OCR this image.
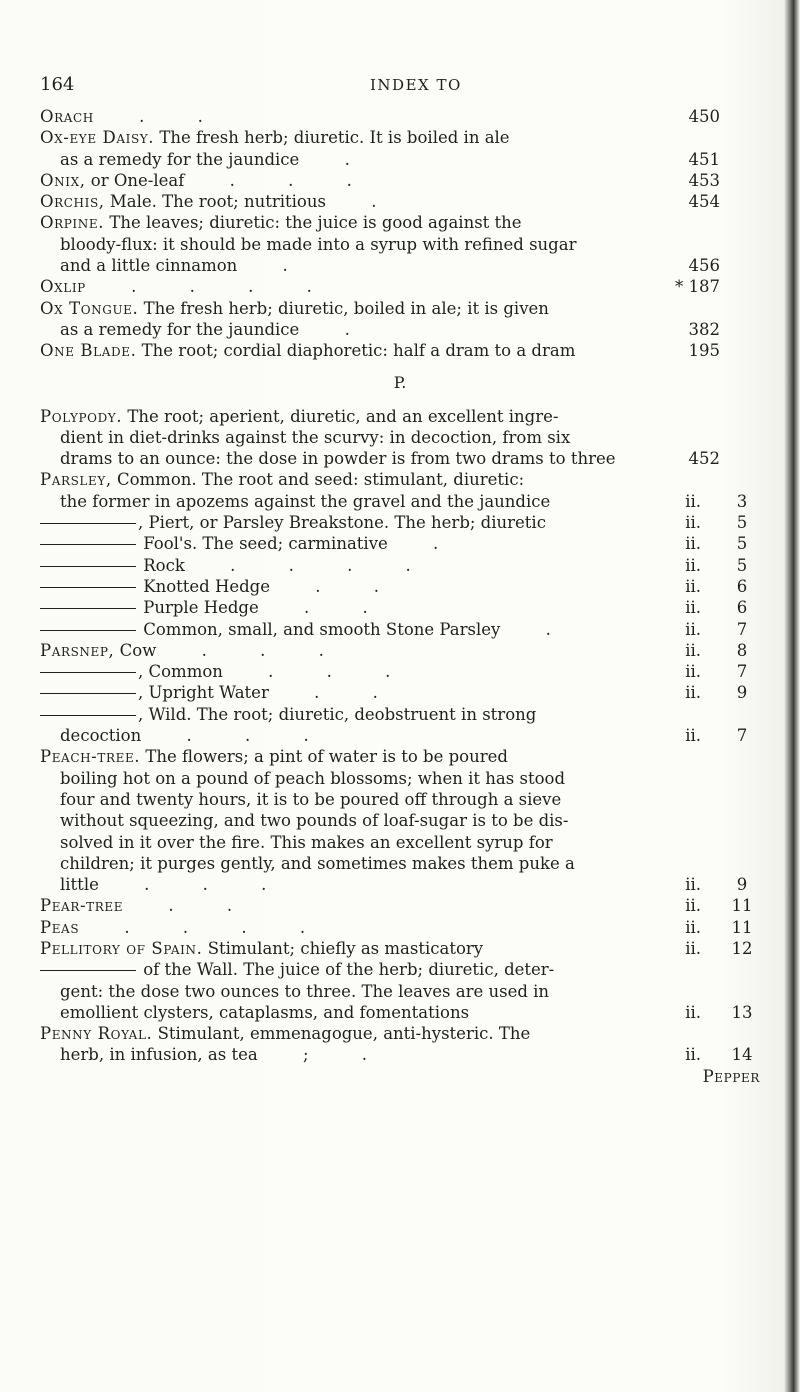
164	INDEX TO
Orach . .	450
Ox-eye Daisy. The fresh herb; diuretic. It is boiled in ale
as a remedy for the jaundice .	451
Onix, or One-leaf . . .	453
Orchis, Male. The root; nutritious .	454
Orpine. The leaves; diuretic: the juice is good against the
bloody-flux: it should be made into a syrup with refined sugar
and a little cinnamon .	456
Oxlip . . . .	* 187
Ox Tongue. The fresh herb; diuretic, boiled in ale; it is given
as a remedy for the jaundice .	382
One Blade. The root; cordial diaphoretic: half a dram to a dram	195
P.
Polypody. The root; aperient, diuretic, and an excellent ingre-
dient in diet-drinks against the scurvy: in decoction, from six
drams to an ounce: the dose in powder is from two drams to three	452
Parsley, Common. The root and seed: stimulant, diuretic:
the former in apozems against the gravel and the jaundice	ii.	3
, Piert, or Parsley Breakstone. The herb; diuretic	ii.	5
Fool's. The seed; carminative .	ii.	5
Rock . . . .	ii.	5
Knotted Hedge . .	ii.	6
Purple Hedge . .	ii.	6
Common, small, and smooth Stone Parsley .	ii.	7
Parsnep, Cow . . .	ii.	8
, Common . . .	ii.	7
, Upright Water . .	ii.	9
, Wild. The root; diuretic, deobstruent in strong
decoction . . .	ii.	7
Peach-tree. The flowers; a pint of water is to be poured
boiling hot on a pound of peach blossoms; when it has stood
four and twenty hours, it is to be poured off through a sieve
without squeezing, and two pounds of loaf-sugar is to be dis-
solved in it over the fire. This makes an excellent syrup for
children; it purges gently, and sometimes makes them puke a
little . . .	ii.	9
Pear-tree . .	ii.	11
Peas . . . .	ii.	11
Pellitory of Spain. Stimulant; chiefly as masticatory	ii.	12
of the Wall. The juice of the herb; diuretic, deter-
gent: the dose two ounces to three. The leaves are used in
emollient clysters, cataplasms, and fomentations	ii.	13
Penny Royal. Stimulant, emmenagogue, anti-hysteric. The
herb, in infusion, as tea ; .	ii.	14
Pepper
